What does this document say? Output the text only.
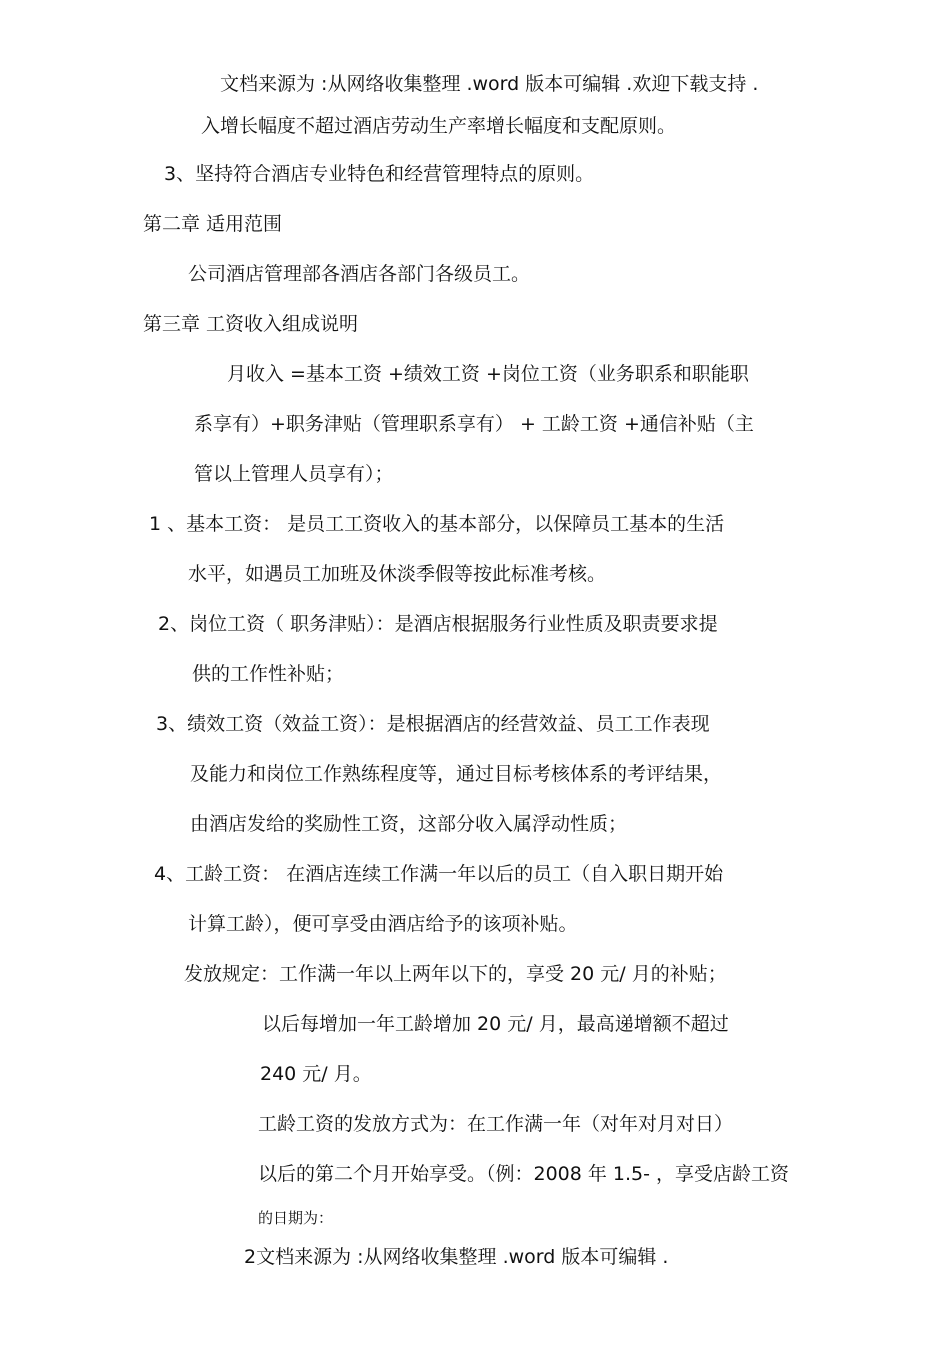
文档来源为 :从网络收集整理 .word 版本可编辑 .欢迎下载支持 .
入增长幅度不超过酒店劳动生产率增长幅度和支配原则。
3、坚持符合酒店专业特色和经营管理特点的原则。
第二章 适用范围
公司酒店管理部各酒店各部门各级员工。
第三章 工资收入组成说明
月收入 =基本工资 +绩效工资 +岗位工资（业务职系和职能职
系享有）+职务津贴（管理职系享有） + 工龄工资 +通信补贴（主
管以上管理人员享有）；
1 、基本工资： 是员工工资收入的基本部分，以保障员工基本的生活
水平，如遇员工加班及休淡季假等按此标准考核。
2、岗位工资（ 职务津贴）：是酒店根据服务行业性质及职责要求提
供的工作性补贴；
3、绩效工资（效益工资）：是根据酒店的经营效益、员工工作表现
及能力和岗位工作熟练程度等，通过目标考核体系的考评结果，
由酒店发给的奖励性工资，这部分收入属浮动性质；
4、工龄工资： 在酒店连续工作满一年以后的员工（自入职日期开始
计算工龄），便可享受由酒店给予的该项补贴。
发放规定：工作满一年以上两年以下的，享受 20 元/ 月的补贴；
以后每增加一年工龄增加 20 元/ 月，最高递增额不超过
240 元/ 月。
工龄工资的发放方式为：在工作满一年（对年对月对日）
以后的第二个月开始享受。（例：2008 年 1.5- ，享受店龄工资
的日期为：
2文档来源为 :从网络收集整理 .word 版本可编辑 .
